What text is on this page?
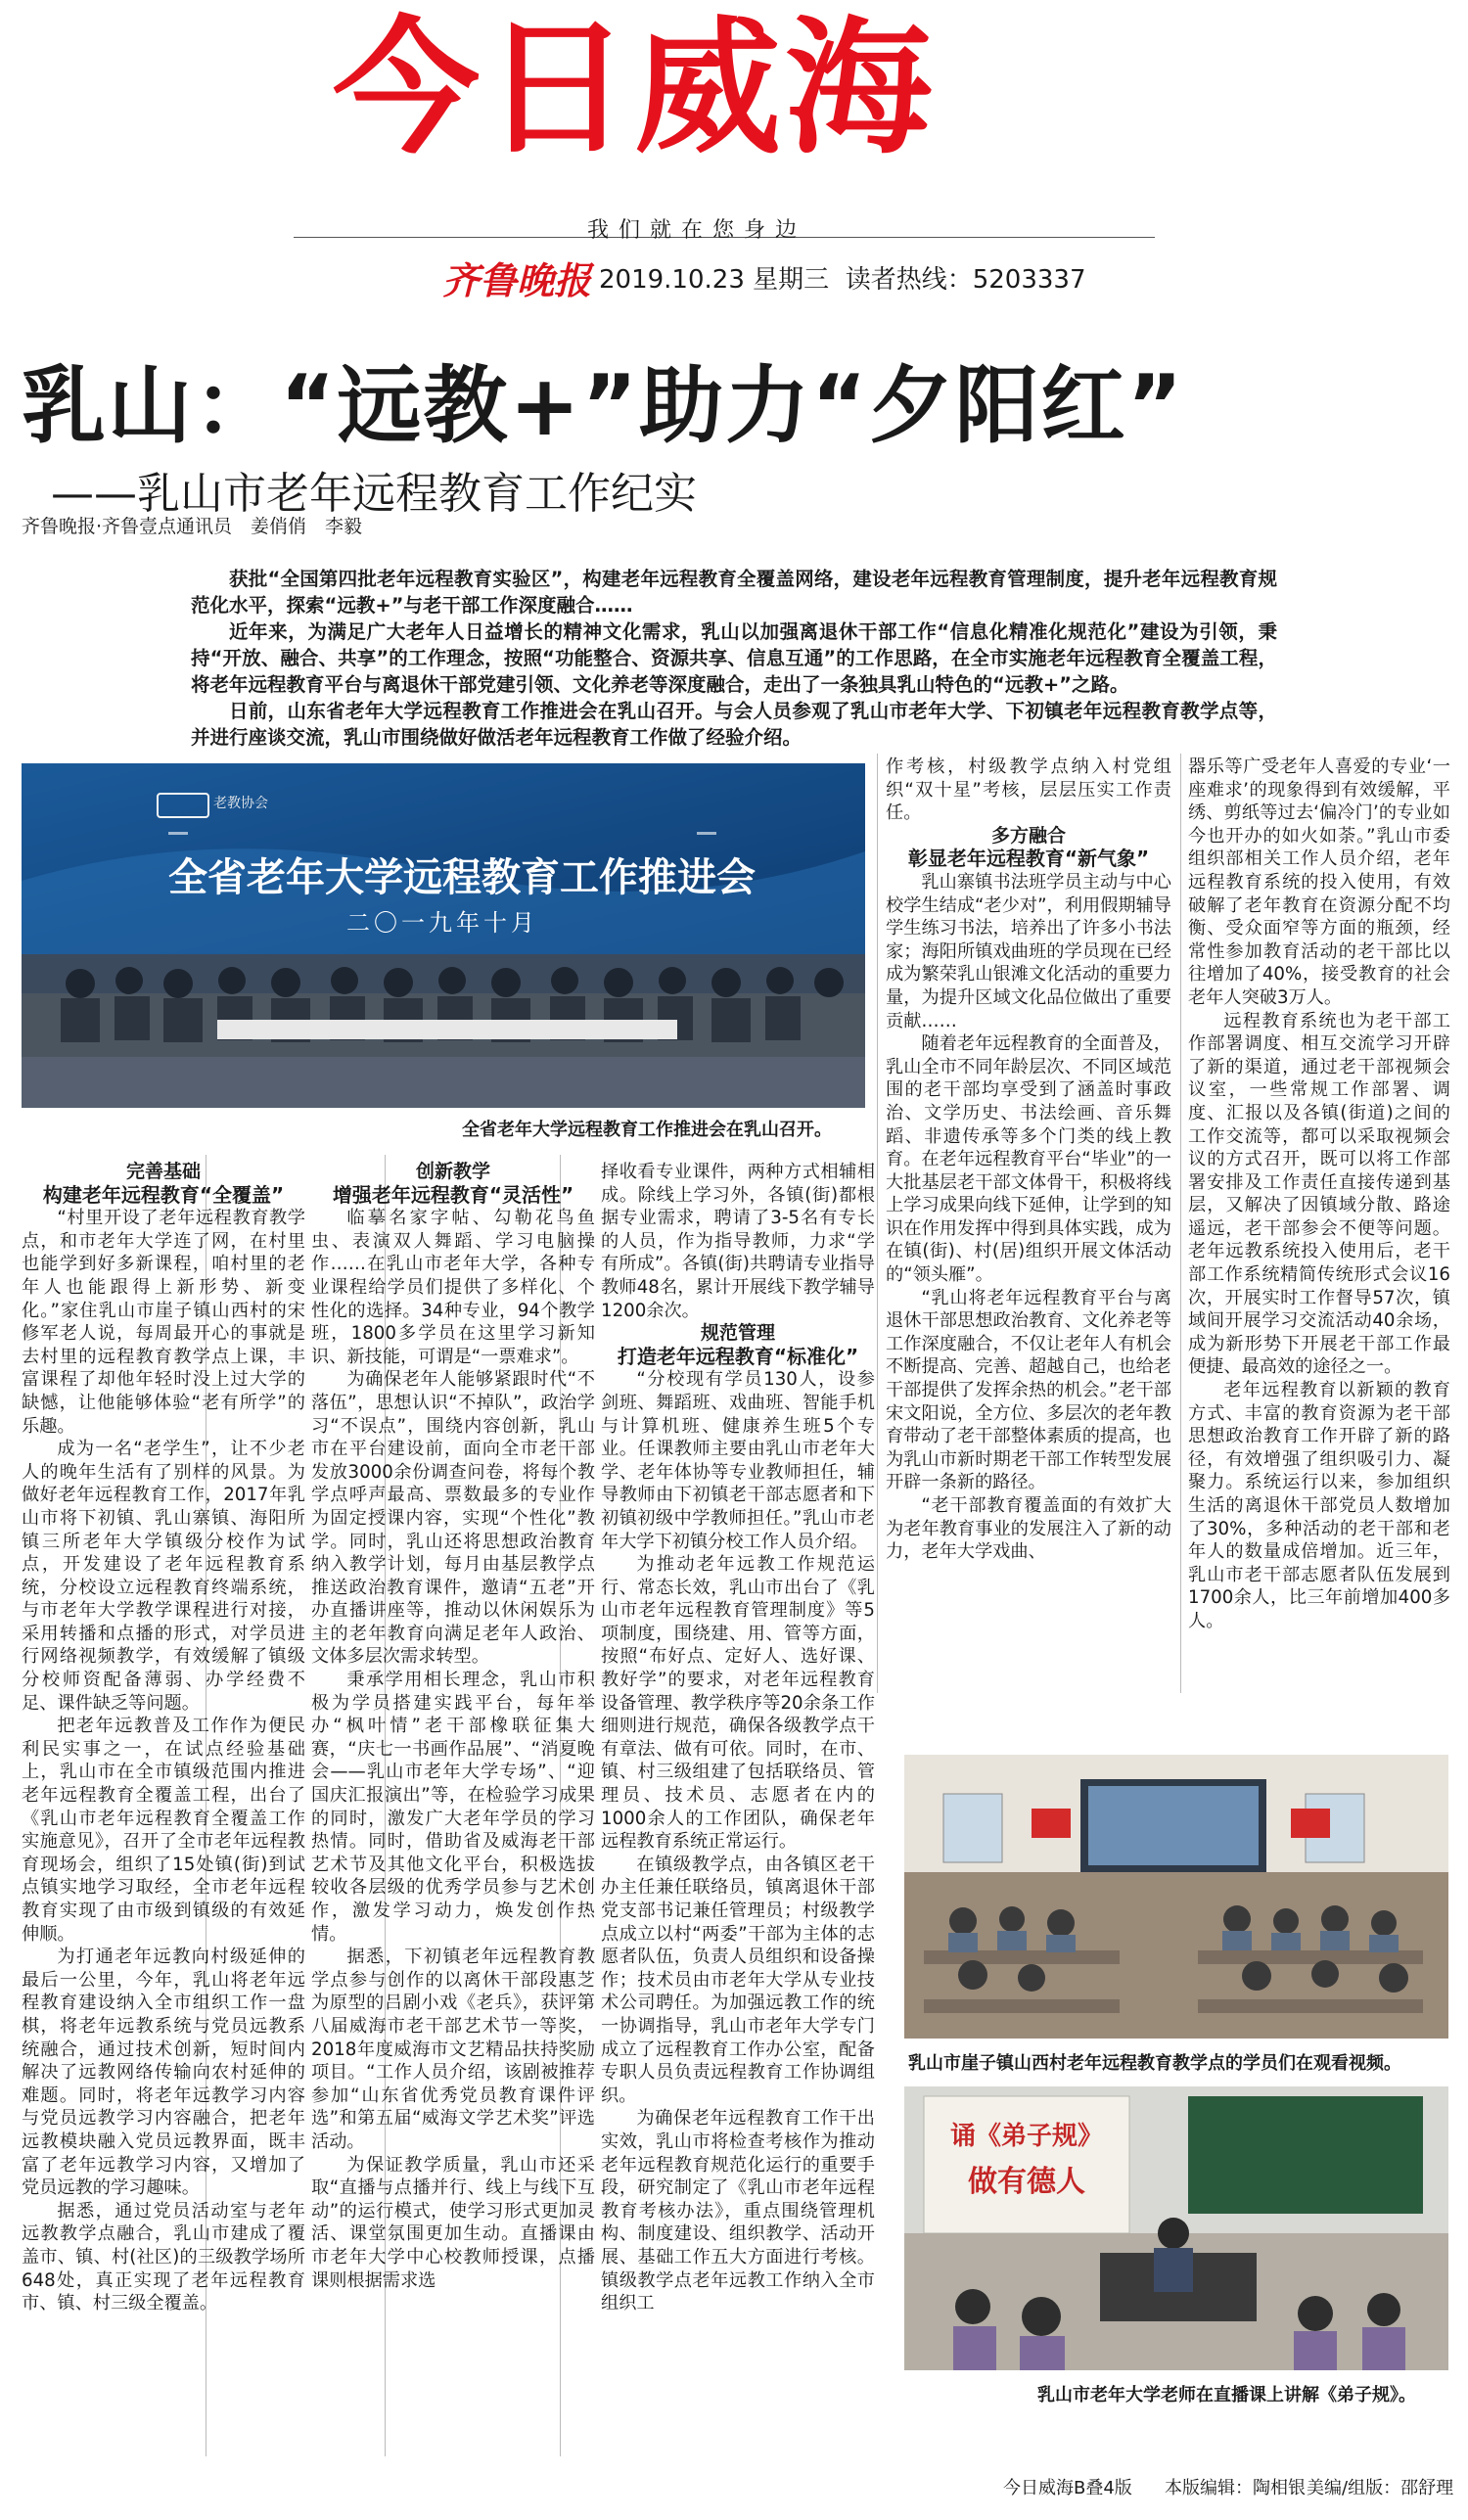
今日威海
我们就在您身边
齐鲁晚报 2019.10.23 星期三 读者热线：5203337
乳山：“远教+”助力“夕阳红”
——乳山市老年远程教育工作纪实
齐鲁晚报·齐鲁壹点通讯员　姜俏俏　李毅

获批“全国第四批老年远程教育实验区”，构建老年远程教育全覆盖网络，建设老年远程教育管理制度，提升老年远程教育规范化水平，探索“远教+”与老干部工作深度融合……

近年来，为满足广大老年人日益增长的精神文化需求，乳山以加强离退休干部工作“信息化精准化规范化”建设为引领，秉持“开放、融合、共享”的工作理念，按照“功能整合、资源共享、信息互通”的工作思路，在全市实施老年远程教育全覆盖工程，将老年远程教育平台与离退休干部党建引领、文化养老等深度融合，走出了一条独具乳山特色的“远教+”之路。

日前，山东省老年大学远程教育工作推进会在乳山召开。与会人员参观了乳山市老年大学、下初镇老年远程教育教学点等，并进行座谈交流，乳山市围绕做好做活老年远程教育工作做了经验介绍。

老教协会
全省老年大学远程教育工作推进会
二〇一九年十月
全省老年大学远程教育工作推进会在乳山召开。

完善基础

构建老年远程教育“全覆盖”

“村里开设了老年远程教育教学点，和市老年大学连了网，在村里也能学到好多新课程，咱村里的老年人也能跟得上新形势、新变化。”家住乳山市崖子镇山西村的宋修军老人说，每周最开心的事就是去村里的远程教育教学点上课，丰富课程了却他年轻时没上过大学的缺憾，让他能够体验“老有所学”的乐趣。

成为一名“老学生”，让不少老人的晚年生活有了别样的风景。为做好老年远程教育工作，2017年乳山市将下初镇、乳山寨镇、海阳所镇三所老年大学镇级分校作为试点，开发建设了老年远程教育系统，分校设立远程教育终端系统，与市老年大学教学课程进行对接，采用转播和点播的形式，对学员进行网络视频教学，有效缓解了镇级分校师资配备薄弱、办学经费不足、课件缺乏等问题。

把老年远教普及工作作为便民利民实事之一，在试点经验基础上，乳山市在全市镇级范围内推进老年远程教育全覆盖工程，出台了《乳山市老年远程教育全覆盖工作实施意见》，召开了全市老年远程教育现场会，组织了15处镇(街)到试点镇实地学习取经，全市老年远程教育实现了由市级到镇级的有效延伸顺。

为打通老年远教向村级延伸的最后一公里，今年，乳山将老年远程教育建设纳入全市组织工作一盘棋，将老年远教系统与党员远教系统融合，通过技术创新，短时间内解决了远教网络传输向农村延伸的难题。同时，将老年远教学习内容与党员远教学习内容融合，把老年远教模块融入党员远教界面，既丰富了老年远教学习内容，又增加了党员远教的学习趣味。

据悉，通过党员活动室与老年远教教学点融合，乳山市建成了覆盖市、镇、村(社区)的三级教学场所648处，真正实现了老年远程教育市、镇、村三级全覆盖。

创新教学

增强老年远程教育“灵活性”

临摹名家字帖、勾勒花鸟鱼虫、表演双人舞蹈、学习电脑操作……在乳山市老年大学，各种专业课程给学员们提供了多样化、个性化的选择。34种专业，94个教学班，1800多学员在这里学习新知识、新技能，可谓是“一票难求”。

为确保老年人能够紧跟时代“不落伍”，思想认识“不掉队”，政治学习“不误点”，围绕内容创新，乳山市在平台建设前，面向全市老干部发放3000余份调查问卷，将每个教学点呼声最高、票数最多的专业作为固定授课内容，实现“个性化”教学。同时，乳山还将思想政治教育纳入教学计划，每月由基层教学点推送政治教育课件，邀请“五老”开办直播讲座等，推动以休闲娱乐为主的老年教育向满足老年人政治、文体多层次需求转型。

秉承学用相长理念，乳山市积极为学员搭建实践平台，每年举办“枫叶情”老干部橡联征集大赛，“庆七一书画作品展”、“消夏晚会——乳山市老年大学专场”、“迎国庆汇报演出”等，在检验学习成果的同时，激发广大老年学员的学习热情。同时，借助省及威海老干部艺术节及其他文化平台，积极选拔较收各层级的优秀学员参与艺术创作，激发学习动力，焕发创作热情。

据悉，下初镇老年远程教育教学点参与创作的以离休干部段惠芝为原型的吕剧小戏《老兵》，获评第八届威海市老干部艺术节一等奖，2018年度威海市文艺精品扶持奖励项目。“工作人员介绍，该剧被推荐参加“山东省优秀党员教育课件评选”和第五届“威海文学艺术奖”评选活动。

为保证教学质量，乳山市还采取“直播与点播并行、线上与线下互动”的运行模式，使学习形式更加灵活、课堂氛围更加生动。直播课由市老年大学中心校教师授课，点播课则根据需求选

择收看专业课件，两种方式相辅相成。除线上学习外，各镇(街)都根据专业需求，聘请了3-5名有专长的人员，作为指导教师，力求“学有所成”。各镇(街)共聘请专业指导教师48名，累计开展线下教学辅导1200余次。

规范管理

打造老年远程教育“标准化”

“分校现有学员130人，设参剑班、舞蹈班、戏曲班、智能手机与计算机班、健康养生班5个专业。任课教师主要由乳山市老年大学、老年体协等专业教师担任，辅导教师由下初镇老干部志愿者和下初镇初级中学教师担任。”乳山市老年大学下初镇分校工作人员介绍。

为推动老年远教工作规范运行、常态长效，乳山市出台了《乳山市老年远程教育管理制度》等5项制度，围绕建、用、管等方面，按照“布好点、定好人、选好课、教好学”的要求，对老年远程教育设备管理、教学秩序等20余条工作细则进行规范，确保各级教学点干有章法、做有可依。同时，在市、镇、村三级组建了包括联络员、管理员、技术员、志愿者在内的1000余人的工作团队，确保老年远程教育系统正常运行。

在镇级教学点，由各镇区老干办主任兼任联络员，镇离退休干部党支部书记兼任管理员；村级教学点成立以村“两委”干部为主体的志愿者队伍，负责人员组织和设备操作；技术员由市老年大学从专业技术公司聘任。为加强远教工作的统一协调指导，乳山市老年大学专门成立了远程教育工作办公室，配备专职人员负责远程教育工作协调组织。

为确保老年远程教育工作干出实效，乳山市将检查考核作为推动老年远程教育规范化运行的重要手段，研究制定了《乳山市老年远程教育考核办法》，重点围绕管理机构、制度建设、组织教学、活动开展、基础工作五大方面进行考核。镇级教学点老年远教工作纳入全市组织工

作考核，村级教学点纳入村党组织“双十星”考核，层层压实工作责任。

多方融合

彰显老年远程教育“新气象”

乳山寨镇书法班学员主动与中心校学生结成“老少对”，利用假期辅导学生练习书法，培养出了许多小书法家；海阳所镇戏曲班的学员现在已经成为繁荣乳山银滩文化活动的重要力量，为提升区域文化品位做出了重要贡献……

随着老年远程教育的全面普及，乳山全市不同年龄层次、不同区域范围的老干部均享受到了涵盖时事政治、文学历史、书法绘画、音乐舞蹈、非遗传承等多个门类的线上教育。在老年远程教育平台“毕业”的一大批基层老干部文体骨干，积极将线上学习成果向线下延伸，让学到的知识在作用发挥中得到具体实践，成为在镇(街)、村(居)组织开展文体活动的“领头雁”。

“乳山将老年远程教育平台与离退休干部思想政治教育、文化养老等工作深度融合，不仅让老年人有机会不断提高、完善、超越自己，也给老干部提供了发挥余热的机会。”老干部宋文阳说，全方位、多层次的老年教育带动了老干部整体素质的提高，也为乳山市新时期老干部工作转型发展开辟一条新的路径。

“老干部教育覆盖面的有效扩大为老年教育事业的发展注入了新的动力，老年大学戏曲、

器乐等广受老年人喜爱的专业‘一座难求’的现象得到有效缓解，平绣、剪纸等过去‘偏冷门’的专业如今也开办的如火如荼。”乳山市委组织部相关工作人员介绍，老年远程教育系统的投入使用，有效破解了老年教育在资源分配不均衡、受众面窄等方面的瓶颈，经常性参加教育活动的老干部比以往增加了40%，接受教育的社会老年人突破3万人。

远程教育系统也为老干部工作部署调度、相互交流学习开辟了新的渠道，通过老干部视频会议室，一些常规工作部署、调度、汇报以及各镇(街道)之间的工作交流等，都可以采取视频会议的方式召开，既可以将工作部署安排及工作责任直接传递到基层，又解决了因镇域分散、路途遥远，老干部参会不便等问题。老年远教系统投入使用后，老干部工作系统精简传统形式会议16次，开展实时工作督导57次，镇域间开展学习交流活动40余场，成为新形势下开展老干部工作最便捷、最高效的途径之一。

老年远程教育以新颖的教育方式、丰富的教育资源为老干部思想政治教育工作开辟了新的路径，有效增强了组织吸引力、凝聚力。系统运行以来，参加组织生活的离退休干部党员人数增加了30%，多种活动的老干部和老年人的数量成倍增加。近三年，乳山市老干部志愿者队伍发展到1700余人，比三年前增加400多人。

乳山市崖子镇山西村老年远程教育教学点的学员们在观看视频。
诵《弟子规》
做有德人
乳山市老年大学老师在直播课上讲解《弟子规》。
今日威海B叠4版 本版编辑：陶相银 美编/组版：邵舒理
